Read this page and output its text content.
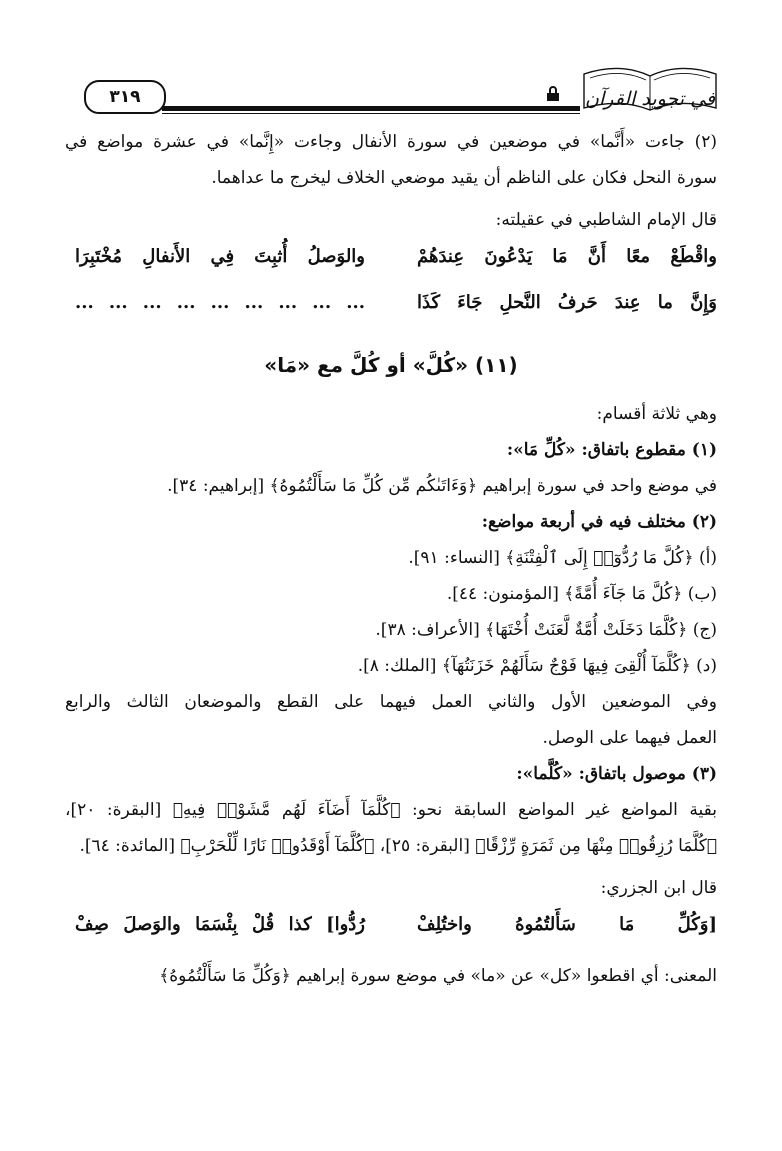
٣١٩	في تجويد القرآن
(٢) جاءت «أَنَّما» في موضعين في سورة الأنفال وجاءت «إِنَّما» في عشرة مواضع في
سورة النحل فكان على الناظم أن يقيد موضعي الخلاف ليخرج ما عداهما.
قال الإمام الشاطبي في عقيلته:
واقْطَعْ معًا أَنَّ مَا يَدْعُونَ عِندَهُمْ
والوَصلُ أُثبِتَ فِي الأَنفالِ مُخْتَبِرَا
وَإِنَّ ما عِندَ حَرفُ النَّحلِ جَاءَ كَذَا
... ... ... ... ... ... ... ... ...
(١١) «كُلَّ» أو كُلَّ مع «مَا»
وهي ثلاثة أقسام:
(١) مقطوع باتفاق: «كُلِّ مَا»:
في موضع واحد في سورة إبراهيم ﴿وَءَاتَىٰكُم مِّن كُلِّ مَا سَأَلْتُمُوهُ﴾ [إبراهيم: ٣٤].
(٢) مختلف فيه في أربعة مواضع:
(أ) ﴿كُلَّ مَا رُدُّوٓا۟ إِلَى ٱلْفِتْنَةِ﴾ [النساء: ٩١].
(ب) ﴿كُلَّ مَا جَآءَ أُمَّةً﴾ [المؤمنون: ٤٤].
(ج) ﴿كُلَّمَا دَخَلَتْ أُمَّةٌ لَّعَنَتْ أُخْتَهَا﴾ [الأعراف: ٣٨].
(د) ﴿كُلَّمَآ أُلْقِىَ فِيهَا فَوْجٌ سَأَلَهُمْ خَزَنَتُهَآ﴾ [الملك: ٨].
وفي الموضعين الأول والثاني العمل فيهما على القطع والموضعان الثالث والرابع
العمل فيهما على الوصل.
(٣) موصول باتفاق: «كُلَّما»:
بقية المواضع غير المواضع السابقة نحو: ﴿كُلَّمَآ أَضَآءَ لَهُم مَّشَوْا۟ فِيهِ﴾ [البقرة: ٢٠]،
﴿كُلَّمَا رُزِقُوا۟ مِنْهَا مِن ثَمَرَةٍ رِّزْقًا﴾ [البقرة: ٢٥]، ﴿كُلَّمَآ أَوْقَدُوا۟ نَارًا لِّلْحَرْبِ﴾ [المائدة: ٦٤].
قال ابن الجزري:
[وَكُلِّ مَا سَأَلتُمُوهُ واختُلِفْ
رُدُّوا] كذا قُلْ بِئْسَمَا والوَصلَ صِفْ
المعنى: أي اقطعوا «كل» عن «ما» في موضع سورة إبراهيم ﴿وَكُلِّ مَا سَأَلْتُمُوهُ﴾
